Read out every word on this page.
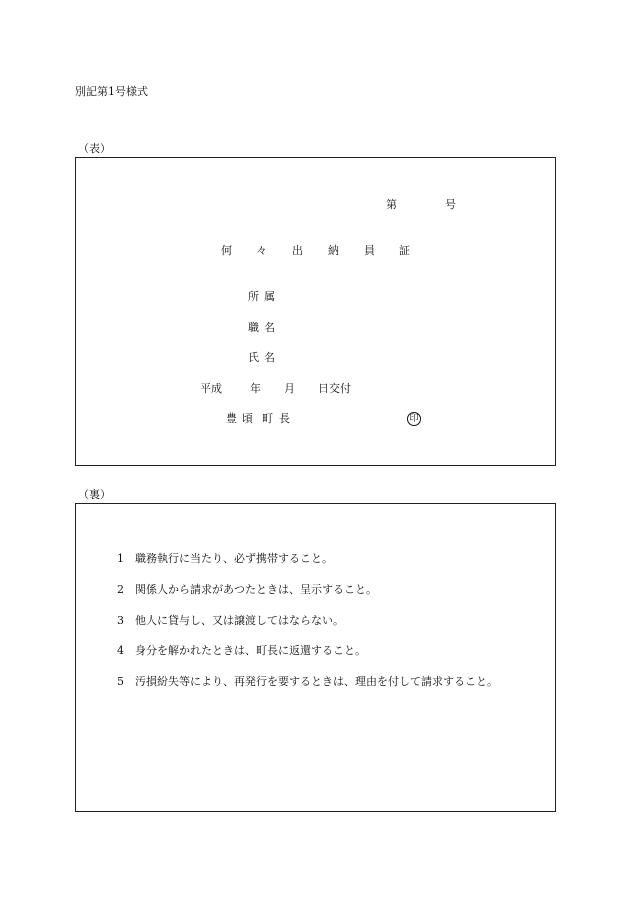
別記第1号様式
（表）
第	号
何 々 出 納 員 証
所 属
職 名
氏 名
平成	年 月 日交付
豊 頃 町 長	印
（裏）
1 職務執行に当たり、必ず携帯すること。
2 関係人から請求があつたときは、呈示すること。
3 他人に貸与し、又は譲渡してはならない。
4 身分を解かれたときは、町長に返還すること。
5 汚損紛失等により、再発行を要するときは、理由を付して請求すること。
